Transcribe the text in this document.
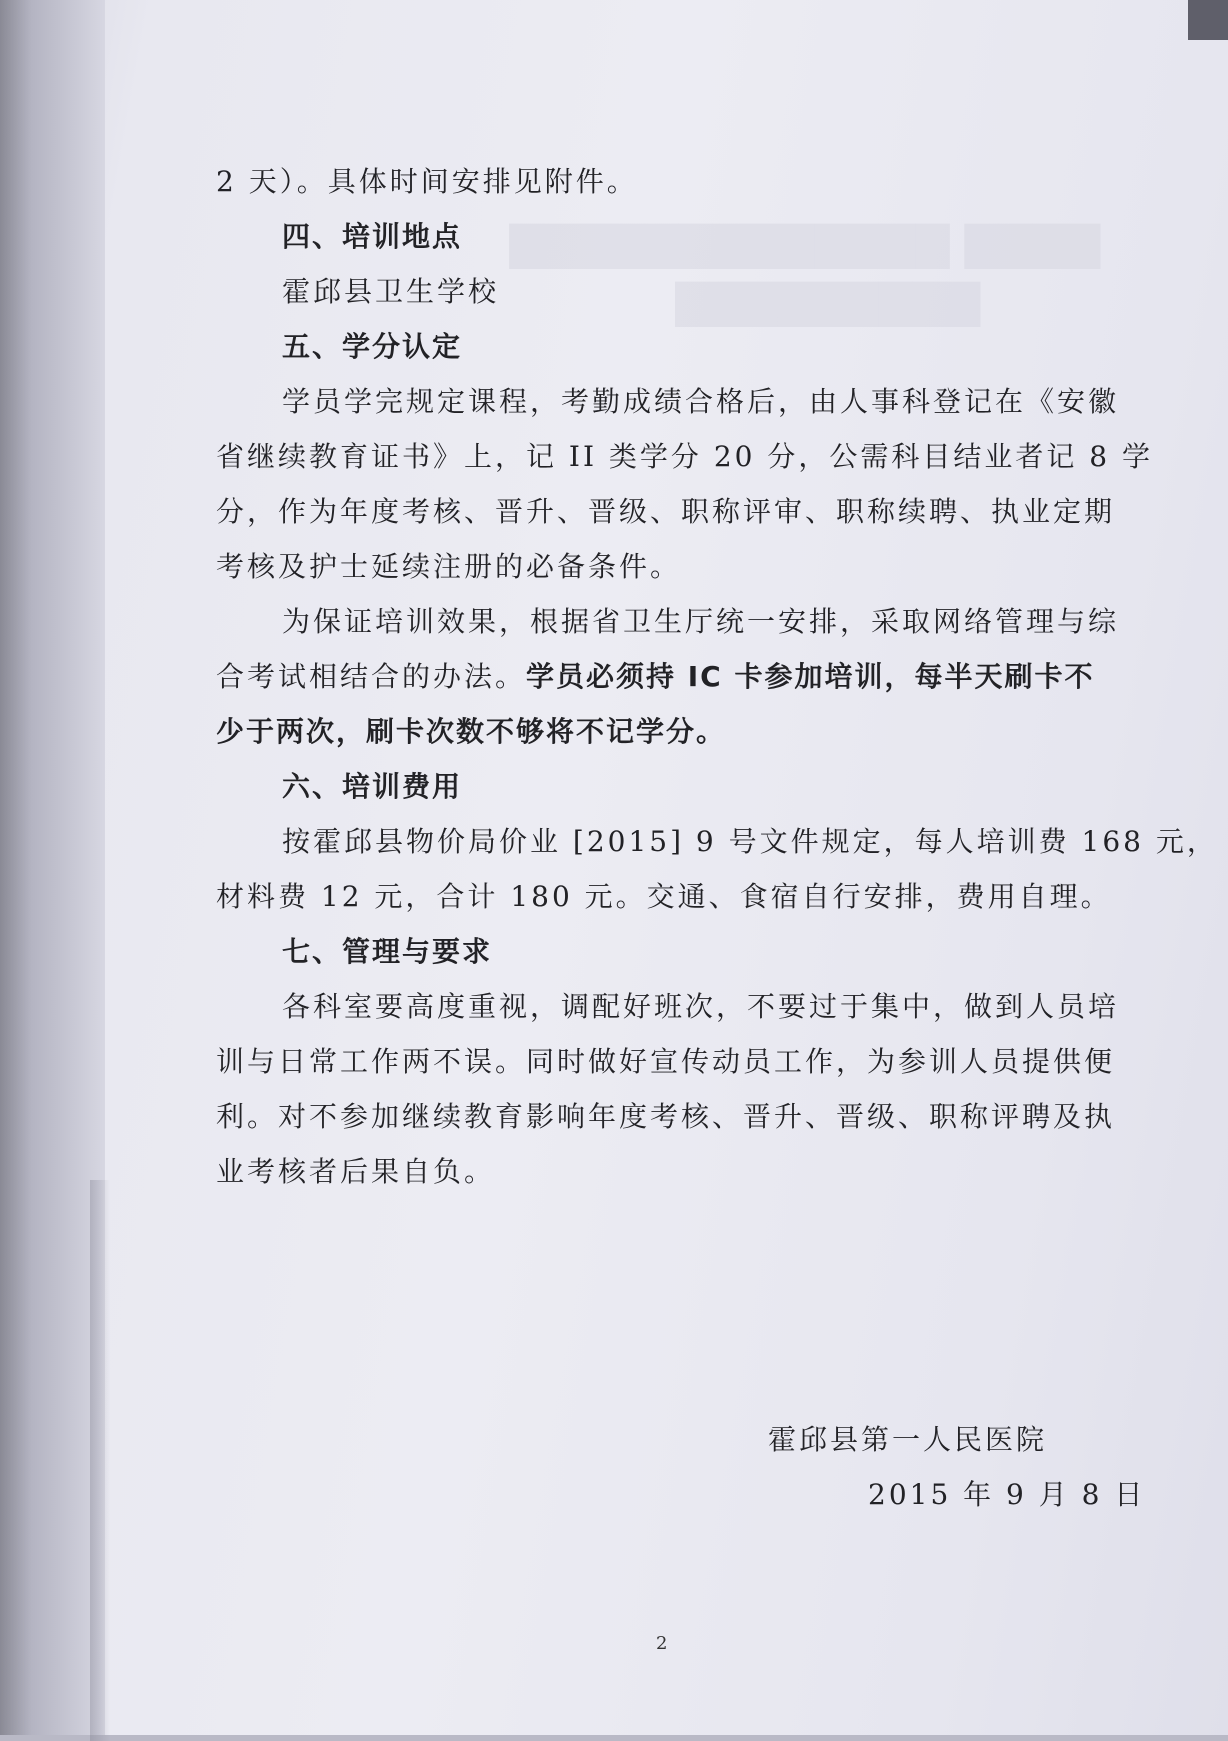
▇▇▇▇ ▇▇▇▇▇▇▇▇▇▇▇▇▇
▇▇▇▇▇▇▇▇▇
2 天）。具体时间安排见附件。
四、培训地点
霍邱县卫生学校
五、学分认定
学员学完规定课程，考勤成绩合格后，由人事科登记在《安徽
省继续教育证书》上，记 II 类学分 20 分，公需科目结业者记 8 学
分，作为年度考核、晋升、晋级、职称评审、职称续聘、执业定期
考核及护士延续注册的必备条件。
为保证培训效果，根据省卫生厅统一安排，采取网络管理与综
合考试相结合的办法。学员必须持 IC 卡参加培训，每半天刷卡不
少于两次，刷卡次数不够将不记学分。
六、培训费用
按霍邱县物价局价业 [2015] 9 号文件规定，每人培训费 168 元，
材料费 12 元，合计 180 元。交通、食宿自行安排，费用自理。
七、管理与要求
各科室要高度重视，调配好班次，不要过于集中，做到人员培
训与日常工作两不误。同时做好宣传动员工作，为参训人员提供便
利。对不参加继续教育影响年度考核、晋升、晋级、职称评聘及执
业考核者后果自负。
霍邱县第一人民医院
2015 年 9 月 8 日
2
